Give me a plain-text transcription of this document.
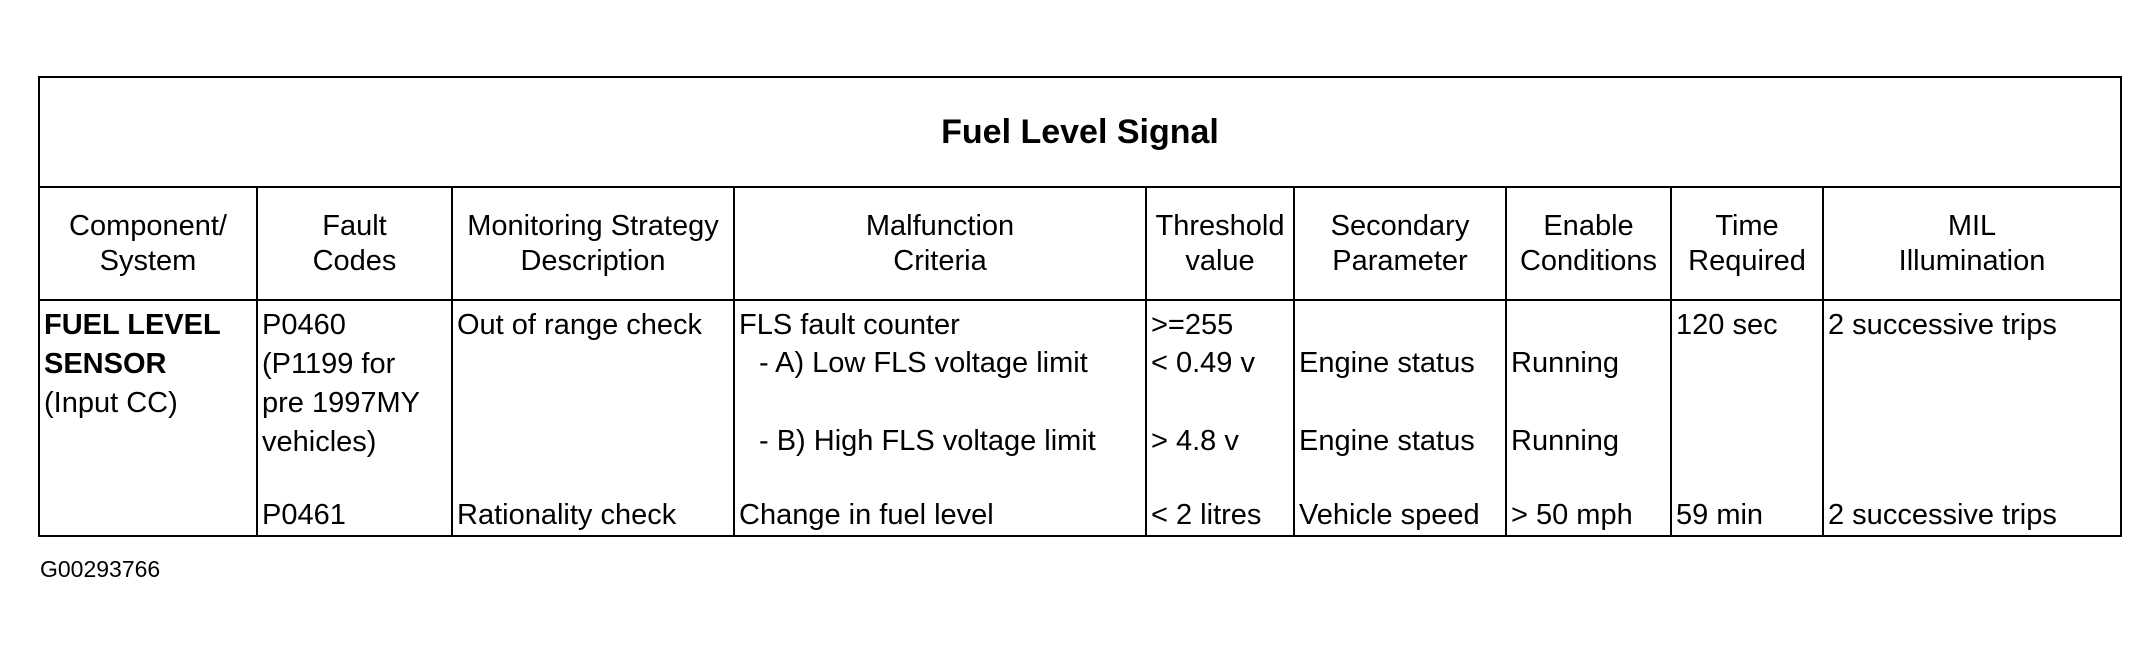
Fuel Level Signal
Component/
System
Fault
Codes
Monitoring Strategy
Description
Malfunction
Criteria
Threshold
value
Secondary
Parameter
Enable
Conditions
Time
Required
MIL
Illumination
FUEL LEVEL
SENSOR
(Input CC)
P0460
(P1199 for
pre 1997MY
vehicles)
Out of range check FLS fault counter
- A) Low FLS voltage limit
- B) High FLS voltage limit
>=255
< 0.49 v
> 4.8 v
Engine status
Engine status
Running
Running
120 sec 2 successive trips
P0461	Rationality check Change in fuel level	< 2 litres Vehicle speed > 50 mph 59 min 2 successive trips
G00293766
